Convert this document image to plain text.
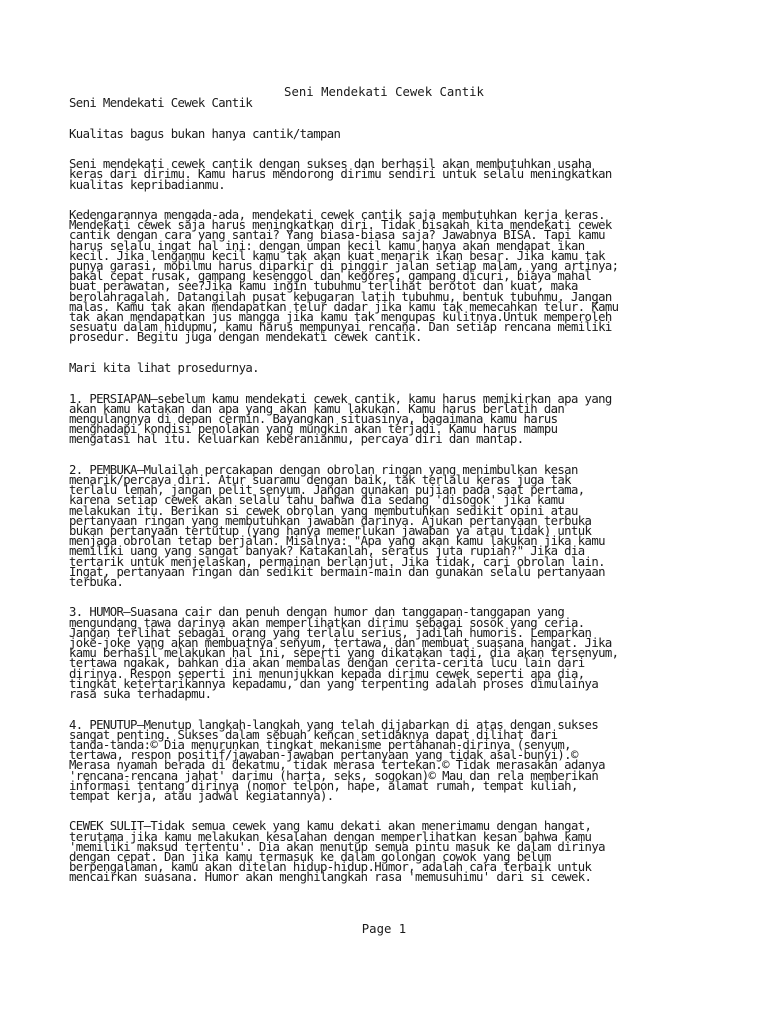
Seni Mendekati Cewek Cantik
Seni Mendekati Cewek Cantik
Kualitas bagus bukan hanya cantik/tampan
Seni mendekati cewek cantik dengan sukses dan berhasil akan membutuhkan usaha
keras dari dirimu. Kamu harus mendorong dirimu sendiri untuk selalu meningkatkan
kualitas kepribadianmu.
Kedengarannya mengada-ada, mendekati cewek cantik saja membutuhkan kerja keras.
Mendekati cewek saja harus meningkatkan diri. Tidak bisakah kita mendekati cewek
cantik dengan cara yang santai? Yang biasa-biasa saja? Jawabnya BISA. Tapi kamu
harus selalu ingat hal ini: dengan umpan kecil kamu hanya akan mendapat ikan
kecil. Jika lenganmu kecil kamu tak akan kuat menarik ikan besar. Jika kamu tak
punya garasi, mobilmu harus diparkir di pinggir jalan setiap malam, yang artinya;
bakal cepat rusak, gampang kesenggol dan kegores, gampang dicuri, biaya mahal
buat perawatan, see?Jika kamu ingin tubuhmu terlihat berotot dan kuat, maka
berolahragalah. Datangilah pusat kebugaran latih tubuhmu, bentuk tubuhmu. Jangan
malas. Kamu tak akan mendapatkan telur dadar jika kamu tak memecahkan telur. Kamu
tak akan mendapatkan jus mangga jika kamu tak mengupas kulitnya.Untuk memperoleh
sesuatu dalam hidupmu, kamu harus mempunyai rencana. Dan setiap rencana memiliki
prosedur. Begitu juga dengan mendekati cewek cantik.
Mari kita lihat prosedurnya.
1. PERSIAPAN–sebelum kamu mendekati cewek cantik, kamu harus memikirkan apa yang
akan kamu katakan dan apa yang akan kamu lakukan. Kamu harus berlatih dan
mengulangnya di depan cermin. Bayangkan situasinya, bagaimana kamu harus
menghadapi kondisi penolakan yang mungkin akan terjadi. Kamu harus mampu
mengatasi hal itu. Keluarkan keberanianmu, percaya diri dan mantap.
2. PEMBUKA–Mulailah percakapan dengan obrolan ringan yang menimbulkan kesan
menarik/percaya diri. Atur suaramu dengan baik, tak terlalu keras juga tak
terlalu lemah, jangan pelit senyum. Jangan gunakan pujian pada saat pertama,
karena setiap cewek akan selalu tahu bahwa dia sedang 'disogok' jika kamu
melakukan itu. Berikan si cewek obrolan yang membutuhkan sedikit opini atau
pertanyaan ringan yang membutuhkan jawaban darinya. Ajukan pertanyaan terbuka
bukan pertanyaan tertutup (yang hanya memerlukan jawaban ya atau tidak) untuk
menjaga obrolan tetap berjalan. Misalnya: "Apa yang akan kamu lakukan jika kamu
memiliki uang yang sangat banyak? Katakanlah, seratus juta rupiah?" Jika dia
tertarik untuk menjelaskan, permainan berlanjut. Jika tidak, cari obrolan lain.
Ingat, pertanyaan ringan dan sedikit bermain-main dan gunakan selalu pertanyaan
terbuka.
3. HUMOR–Suasana cair dan penuh dengan humor dan tanggapan-tanggapan yang
mengundang tawa darinya akan memperlihatkan dirimu sebagai sosok yang ceria.
Jangan terlihat sebagai orang yang terlalu serius, jadilah humoris. Lemparkan
joke-joke yang akan membuatnya senyum, tertawa, dan membuat suasana hangat. Jika
kamu berhasil melakukan hal ini, seperti yang dikatakan tadi, dia akan tersenyum,
tertawa ngakak, bahkan dia akan membalas dengan cerita-cerita lucu lain dari
dirinya. Respon seperti ini menunjukkan kepada dirimu cewek seperti apa dia,
tingkat ketertarikannya kepadamu, dan yang terpenting adalah proses dimulainya
rasa suka terhadapmu.
4. PENUTUP–Menutup langkah-langkah yang telah dijabarkan di atas dengan sukses
sangat penting. Sukses dalam sebuah kencan setidaknya dapat dilihat dari
tanda-tanda:© Dia menurunkan tingkat mekanisme pertahanan-dirinya (senyum,
tertawa, respon positif/jawaban-jawaban pertanyaan yang tidak asal-bunyi).©
Merasa nyaman berada di dekatmu, tidak merasa tertekan.© Tidak merasakan adanya
'rencana-rencana jahat' darimu (harta, seks, sogokan)© Mau dan rela memberikan
informasi tentang dirinya (nomor telpon, hape, alamat rumah, tempat kuliah,
tempat kerja, atau jadwal kegiatannya).
CEWEK SULIT–Tidak semua cewek yang kamu dekati akan menerimamu dengan hangat,
terutama jika kamu melakukan kesalahan dengan memperlihatkan kesan bahwa kamu
'memiliki maksud tertentu'. Dia akan menutup semua pintu masuk ke dalam dirinya
dengan cepat. Dan jika kamu termasuk ke dalam golongan cowok yang belum
berpengalaman, kamu akan ditelan hidup-hidup.Humor, adalah cara terbaik untuk
mencairkan suasana. Humor akan menghilangkan rasa 'memusuhimu' dari si cewek.
Page 1
